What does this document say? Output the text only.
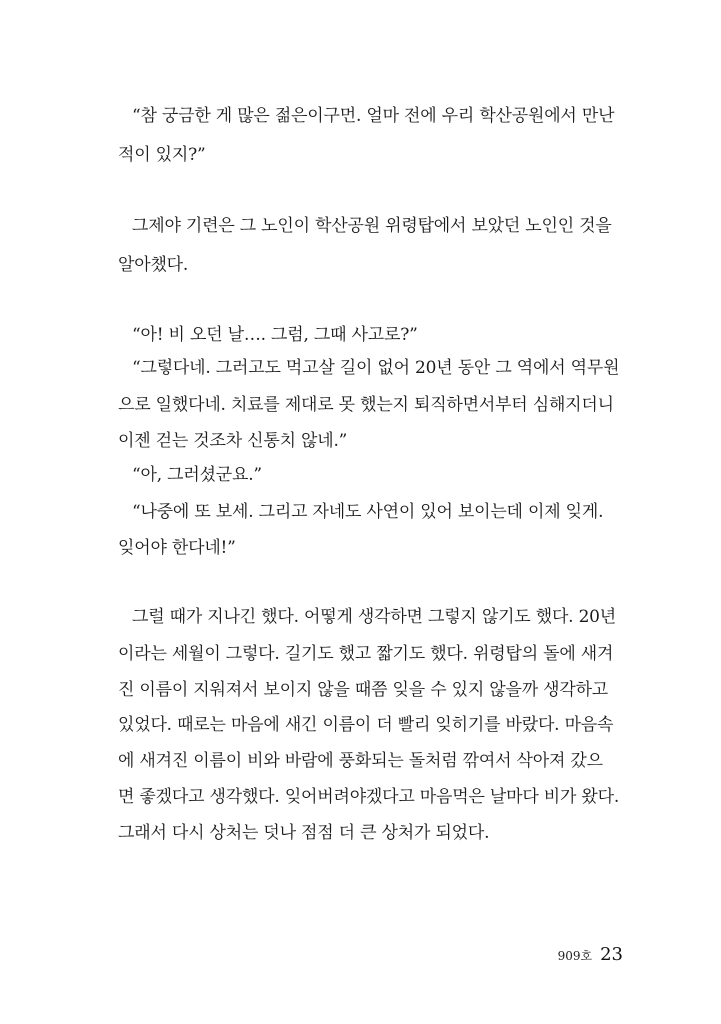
“참 궁금한 게 많은 젊은이구먼. 얼마 전에 우리 학산공원에서 만난
적이 있지?”
그제야 기련은 그 노인이 학산공원 위령탑에서 보았던 노인인 것을
알아챘다.
“아! 비 오던 날…. 그럼, 그때 사고로?”
“그렇다네. 그러고도 먹고살 길이 없어 20년 동안 그 역에서 역무원
으로 일했다네. 치료를 제대로 못 했는지 퇴직하면서부터 심해지더니
이젠 걷는 것조차 신통치 않네.”
“아, 그러셨군요.”
“나중에 또 보세. 그리고 자네도 사연이 있어 보이는데 이제 잊게.
잊어야 한다네!”
그럴 때가 지나긴 했다. 어떻게 생각하면 그렇지 않기도 했다. 20년
이라는 세월이 그렇다. 길기도 했고 짧기도 했다. 위령탑의 돌에 새겨
진 이름이 지워져서 보이지 않을 때쯤 잊을 수 있지 않을까 생각하고
있었다. 때로는 마음에 새긴 이름이 더 빨리 잊히기를 바랐다. 마음속
에 새겨진 이름이 비와 바람에 풍화되는 돌처럼 깎여서 삭아져 갔으
면 좋겠다고 생각했다. 잊어버려야겠다고 마음먹은 날마다 비가 왔다.
그래서 다시 상처는 덧나 점점 더 큰 상처가 되었다.
909호 23
